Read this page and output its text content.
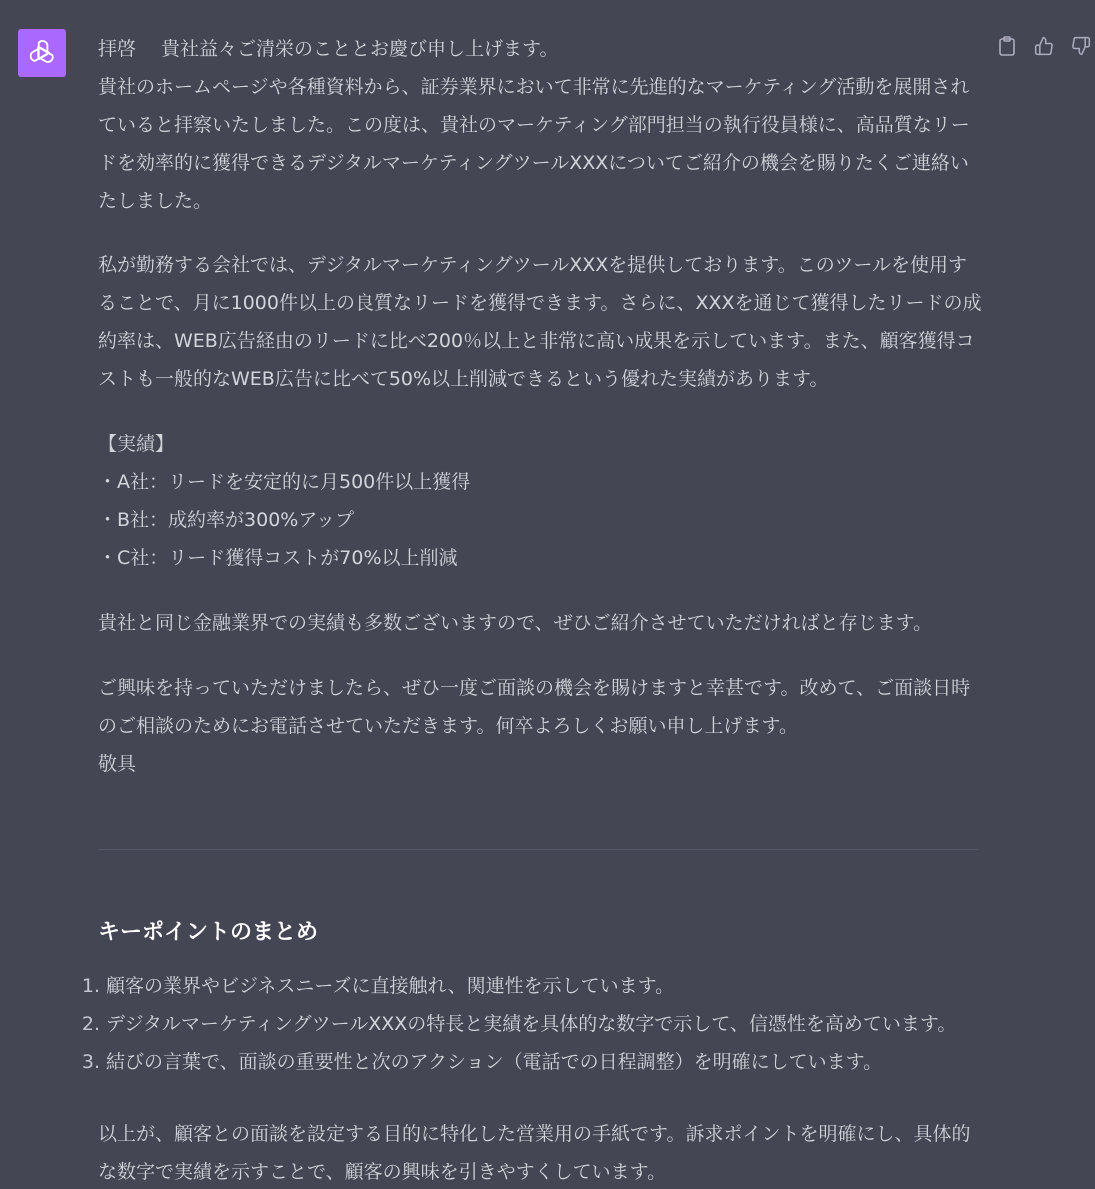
拝啓　 貴社益々ご清栄のこととお慶び申し上げます。

貴社のホームページや各種資料から、証券業界において非常に先進的なマーケティング活動を展開されていると拝察いたしました。この度は、貴社のマーケティング部門担当の執行役員様に、高品質なリードを効率的に獲得できるデジタルマーケティングツールXXXについてご紹介の機会を賜りたくご連絡いたしました。

私が勤務する会社では、デジタルマーケティングツールXXXを提供しております。このツールを使用することで、月に1000件以上の良質なリードを獲得できます。さらに、XXXを通じて獲得したリードの成約率は、WEB広告経由のリードに比べ200％以上と非常に高い成果を示しています。また、顧客獲得コストも一般的なWEB広告に比べて50%以上削減できるという優れた実績があります。

【実績】

・A社：リードを安定的に月500件以上獲得

・B社：成約率が300%アップ

・C社：リード獲得コストが70%以上削減

貴社と同じ金融業界での実績も多数ございますので、ぜひご紹介させていただければと存じます。

ご興味を持っていただけましたら、ぜひ一度ご面談の機会を賜けますと幸甚です。改めて、ご面談日時のご相談のためにお電話させていただきます。何卒よろしくお願い申し上げます。

敬具

キーポイントのまとめ

1. 顧客の業界やビジネスニーズに直接触れ、関連性を示しています。
2. デジタルマーケティングツールXXXの特長と実績を具体的な数字で示して、信憑性を高めています。
3. 結びの言葉で、面談の重要性と次のアクション（電話での日程調整）を明確にしています。

以上が、顧客との面談を設定する目的に特化した営業用の手紙です。訴求ポイントを明確にし、具体的な数字で実績を示すことで、顧客の興味を引きやすくしています。
